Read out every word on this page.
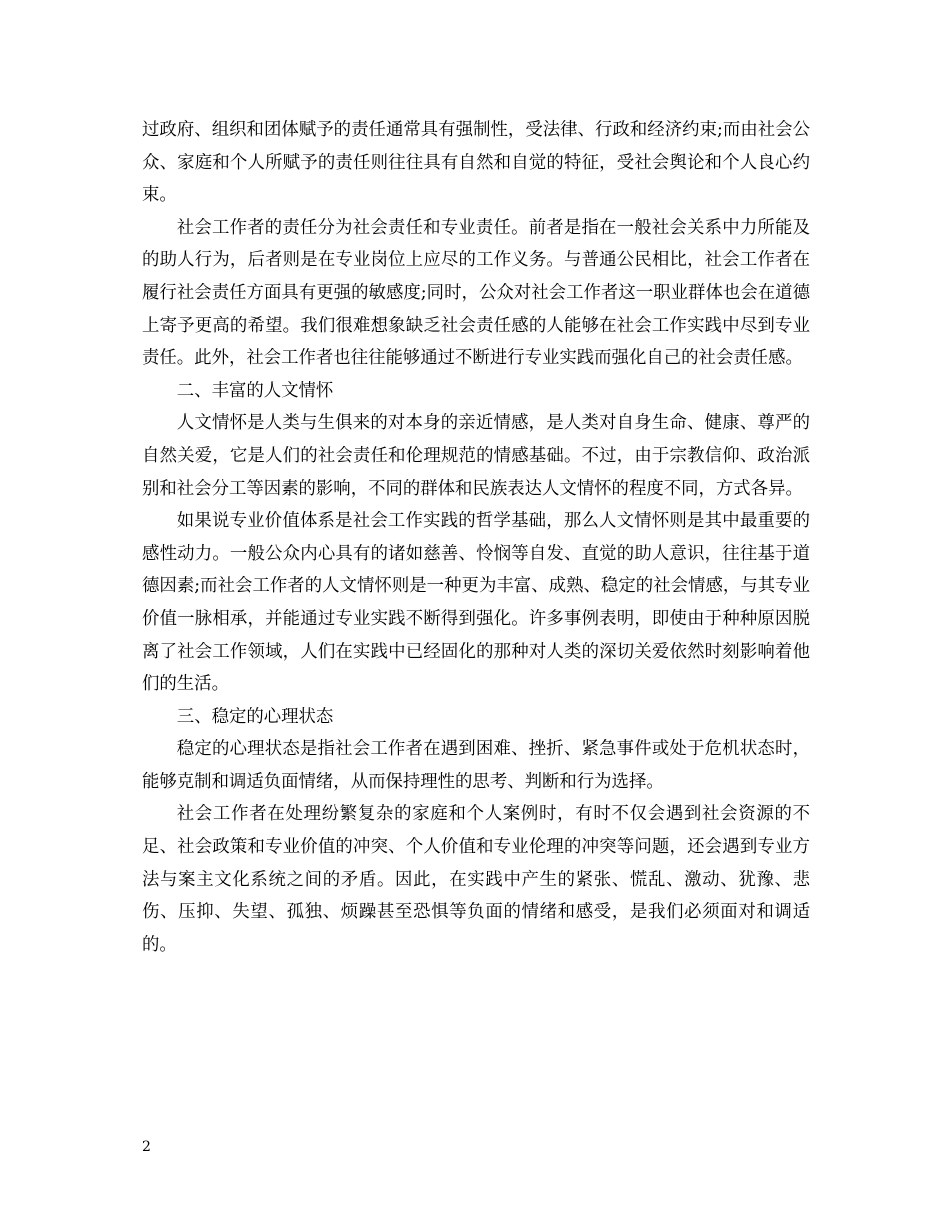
过政府、组织和团体赋予的责任通常具有强制性，受法律、行政和经济约束;而由社会公众、家庭和个人所赋予的责任则往往具有自然和自觉的特征，受社会舆论和个人良心约束。

社会工作者的责任分为社会责任和专业责任。前者是指在一般社会关系中力所能及的助人行为，后者则是在专业岗位上应尽的工作义务。与普通公民相比，社会工作者在履行社会责任方面具有更强的敏感度;同时，公众对社会工作者这一职业群体也会在道德上寄予更高的希望。我们很难想象缺乏社会责任感的人能够在社会工作实践中尽到专业责任。此外，社会工作者也往往能够通过不断进行专业实践而强化自己的社会责任感。

二、丰富的人文情怀

人文情怀是人类与生俱来的对本身的亲近情感，是人类对自身生命、健康、尊严的自然关爱，它是人们的社会责任和伦理规范的情感基础。不过，由于宗教信仰、政治派别和社会分工等因素的影响，不同的群体和民族表达人文情怀的程度不同，方式各异。

如果说专业价值体系是社会工作实践的哲学基础，那么人文情怀则是其中最重要的感性动力。一般公众内心具有的诸如慈善、怜悯等自发、直觉的助人意识，往往基于道德因素;而社会工作者的人文情怀则是一种更为丰富、成熟、稳定的社会情感，与其专业价值一脉相承，并能通过专业实践不断得到强化。许多事例表明，即使由于种种原因脱离了社会工作领域，人们在实践中已经固化的那种对人类的深切关爱依然时刻影响着他们的生活。

三、稳定的心理状态

稳定的心理状态是指社会工作者在遇到困难、挫折、紧急事件或处于危机状态时，能够克制和调适负面情绪，从而保持理性的思考、判断和行为选择。

社会工作者在处理纷繁复杂的家庭和个人案例时，有时不仅会遇到社会资源的不足、社会政策和专业价值的冲突、个人价值和专业伦理的冲突等问题，还会遇到专业方法与案主文化系统之间的矛盾。因此，在实践中产生的紧张、慌乱、激动、犹豫、悲伤、压抑、失望、孤独、烦躁甚至恐惧等负面的情绪和感受，是我们必须面对和调适的。

2
